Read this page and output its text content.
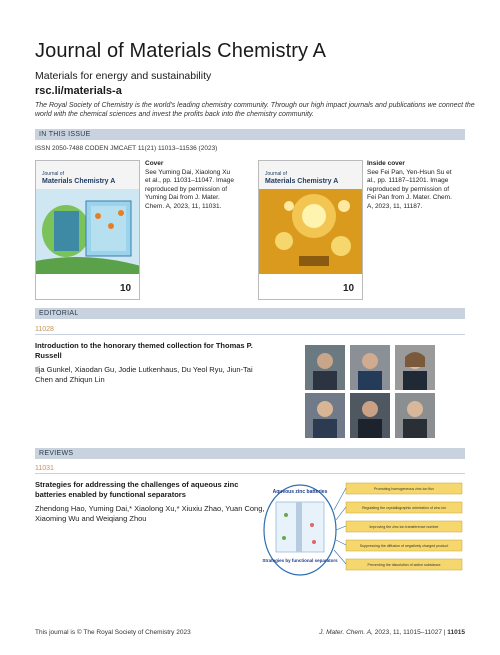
Journal of Materials Chemistry A
Materials for energy and sustainability
rsc.li/materials-a
The Royal Society of Chemistry is the world's leading chemistry community. Through our high impact journals and publications we connect the world with the chemical sciences and invest the profits back into the chemistry community.
IN THIS ISSUE
ISSN 2050-7488 CODEN JMCAET 11(21) 11013–11536 (2023)
Journal of
Materials Chemistry A
10
Cover
See Yuming Dai, Xiaolong Xu et al., pp. 11031–11047. Image reproduced by permission of Yuming Dai from J. Mater. Chem. A, 2023, 11, 11031.
Journal of
Materials Chemistry A
10
Inside cover
See Fei Pan, Yen-Hsun Su et al., pp. 11187–11201. Image reproduced by permission of Fei Pan from J. Mater. Chem. A, 2023, 11, 11187.
EDITORIAL
11028
Introduction to the honorary themed collection for Thomas P. Russell
Ilja Gunkel, Xiaodan Gu, Jodie Lutkenhaus, Du Yeol Ryu, Jiun-Tai Chen and Zhiqun Lin
REVIEWS
11031
Strategies for addressing the challenges of aqueous zinc batteries enabled by functional separators
Zhendong Hao, Yuming Dai,* Xiaolong Xu,* Xiuxiu Zhao, Yuan Cong, Xiaoming Wu and Weiqiang Zhou
Aqueous zinc batteries
Strategies by functional separators
Promoting homogeneous zinc ion flux
Regulating the crystallographic orientation of zinc ion
Improving the zinc ion transference number
Suppressing the diffusion of negatively charged product
Preventing the dissolution of active substance
This journal is © The Royal Society of Chemistry 2023	J. Mater. Chem. A, 2023, 11, 11015–11027 | 11015
